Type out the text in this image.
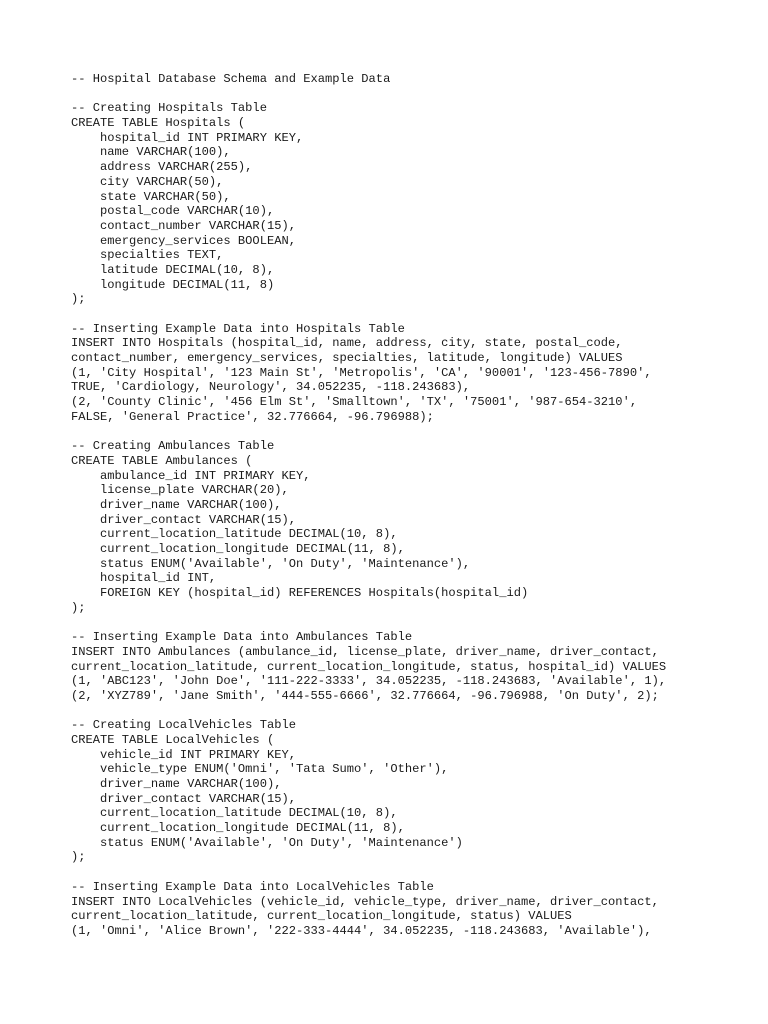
-- Hospital Database Schema and Example Data
-- Creating Hospitals Table
CREATE TABLE Hospitals (
hospital_id INT PRIMARY KEY,
name VARCHAR(100),
address VARCHAR(255),
city VARCHAR(50),
state VARCHAR(50),
postal_code VARCHAR(10),
contact_number VARCHAR(15),
emergency_services BOOLEAN,
specialties TEXT,
latitude DECIMAL(10, 8),
longitude DECIMAL(11, 8)
);
-- Inserting Example Data into Hospitals Table
INSERT INTO Hospitals (hospital_id, name, address, city, state, postal_code,
contact_number, emergency_services, specialties, latitude, longitude) VALUES
(1, 'City Hospital', '123 Main St', 'Metropolis', 'CA', '90001', '123-456-7890',
TRUE, 'Cardiology, Neurology', 34.052235, -118.243683),
(2, 'County Clinic', '456 Elm St', 'Smalltown', 'TX', '75001', '987-654-3210',
FALSE, 'General Practice', 32.776664, -96.796988);
-- Creating Ambulances Table
CREATE TABLE Ambulances (
ambulance_id INT PRIMARY KEY,
license_plate VARCHAR(20),
driver_name VARCHAR(100),
driver_contact VARCHAR(15),
current_location_latitude DECIMAL(10, 8),
current_location_longitude DECIMAL(11, 8),
status ENUM('Available', 'On Duty', 'Maintenance'),
hospital_id INT,
FOREIGN KEY (hospital_id) REFERENCES Hospitals(hospital_id)
);
-- Inserting Example Data into Ambulances Table
INSERT INTO Ambulances (ambulance_id, license_plate, driver_name, driver_contact,
current_location_latitude, current_location_longitude, status, hospital_id) VALUES
(1, 'ABC123', 'John Doe', '111-222-3333', 34.052235, -118.243683, 'Available', 1),
(2, 'XYZ789', 'Jane Smith', '444-555-6666', 32.776664, -96.796988, 'On Duty', 2);
-- Creating LocalVehicles Table
CREATE TABLE LocalVehicles (
vehicle_id INT PRIMARY KEY,
vehicle_type ENUM('Omni', 'Tata Sumo', 'Other'),
driver_name VARCHAR(100),
driver_contact VARCHAR(15),
current_location_latitude DECIMAL(10, 8),
current_location_longitude DECIMAL(11, 8),
status ENUM('Available', 'On Duty', 'Maintenance')
);
-- Inserting Example Data into LocalVehicles Table
INSERT INTO LocalVehicles (vehicle_id, vehicle_type, driver_name, driver_contact,
current_location_latitude, current_location_longitude, status) VALUES
(1, 'Omni', 'Alice Brown', '222-333-4444', 34.052235, -118.243683, 'Available'),
